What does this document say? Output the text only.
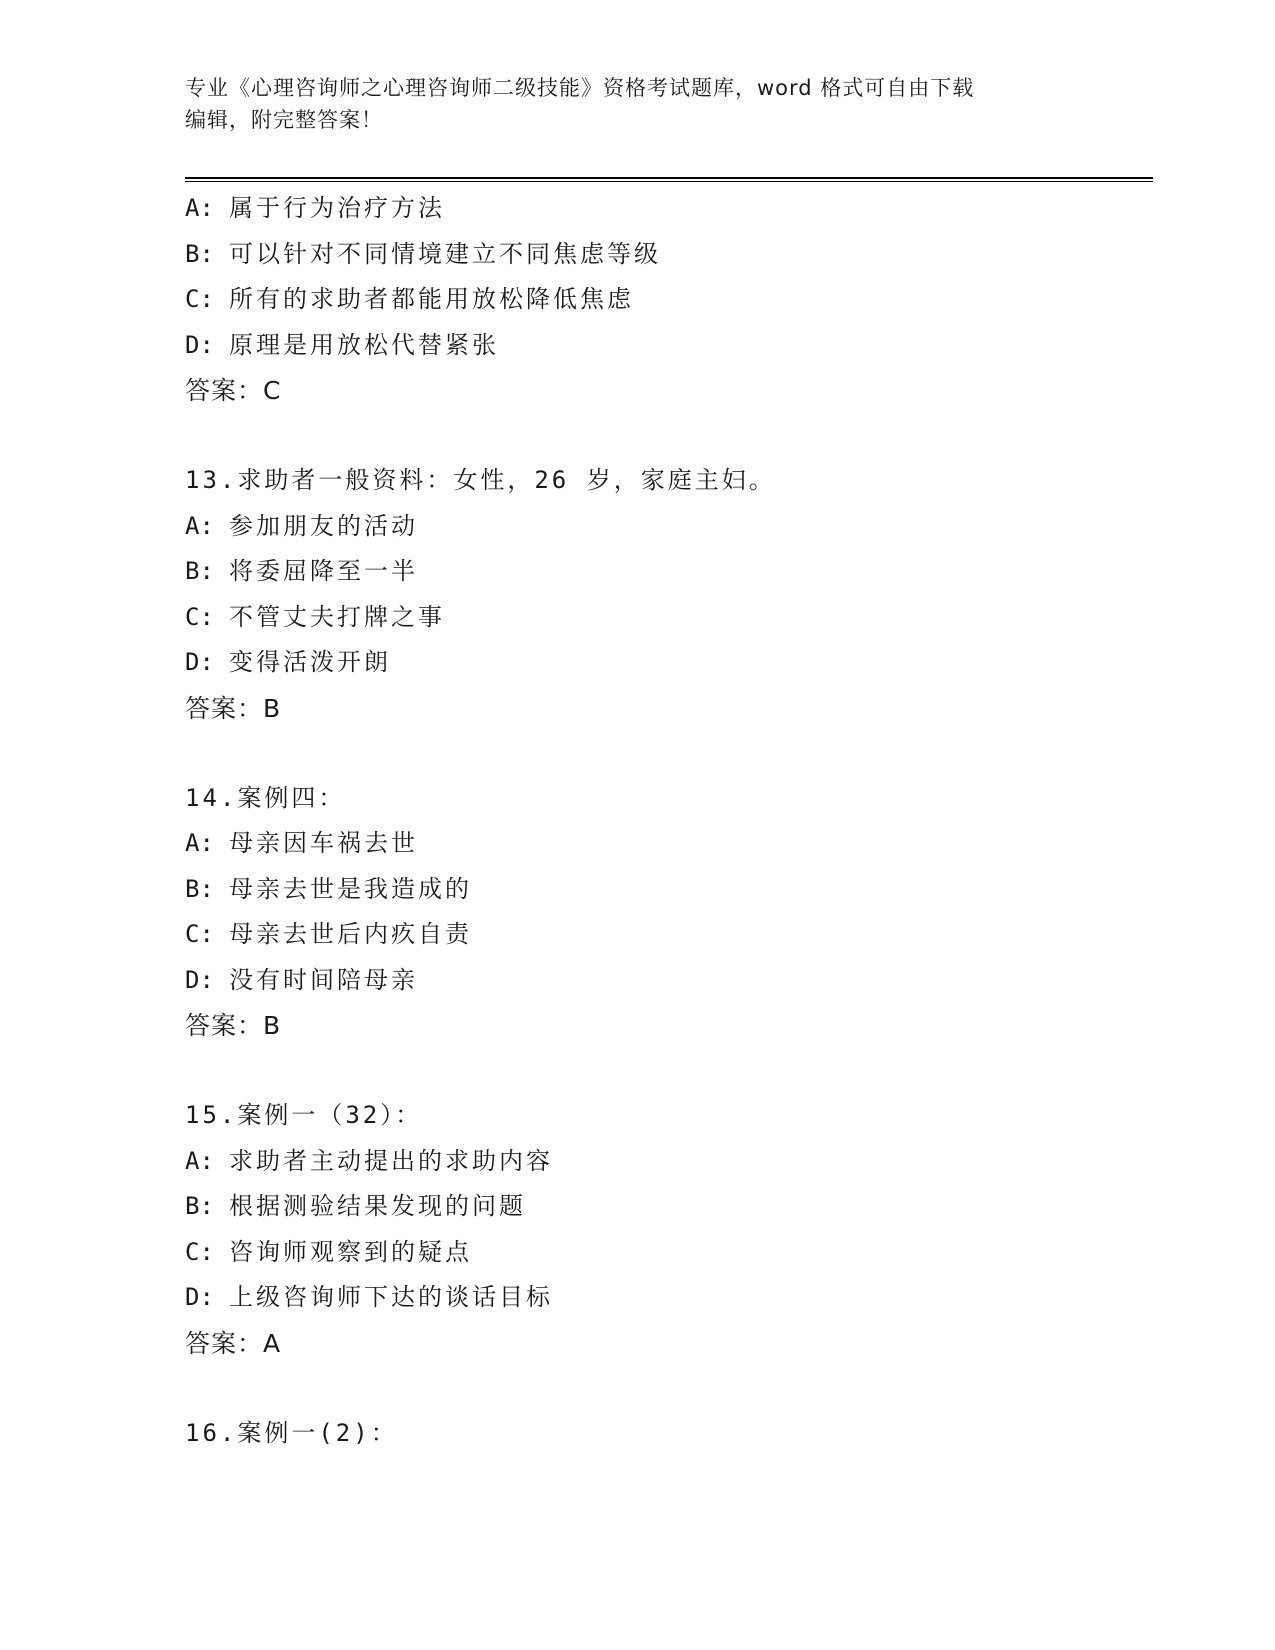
专业《心理咨询师之心理咨询师二级技能》资格考试题库，word 格式可自由下载
编辑，附完整答案！
A: 属于行为治疗方法
B: 可以针对不同情境建立不同焦虑等级
C: 所有的求助者都能用放松降低焦虑
D: 原理是用放松代替紧张
答案：C
13.求助者一般资料：女性，26 岁，家庭主妇。
A: 参加朋友的活动
B: 将委屈降至一半
C: 不管丈夫打牌之事
D: 变得活泼开朗
答案：B
14.案例四：
A: 母亲因车祸去世
B: 母亲去世是我造成的
C: 母亲去世后内疚自责
D: 没有时间陪母亲
答案：B
15.案例一（32）：
A: 求助者主动提出的求助内容
B: 根据测验结果发现的问题
C: 咨询师观察到的疑点
D: 上级咨询师下达的谈话目标
答案：A
16.案例一(2)：
